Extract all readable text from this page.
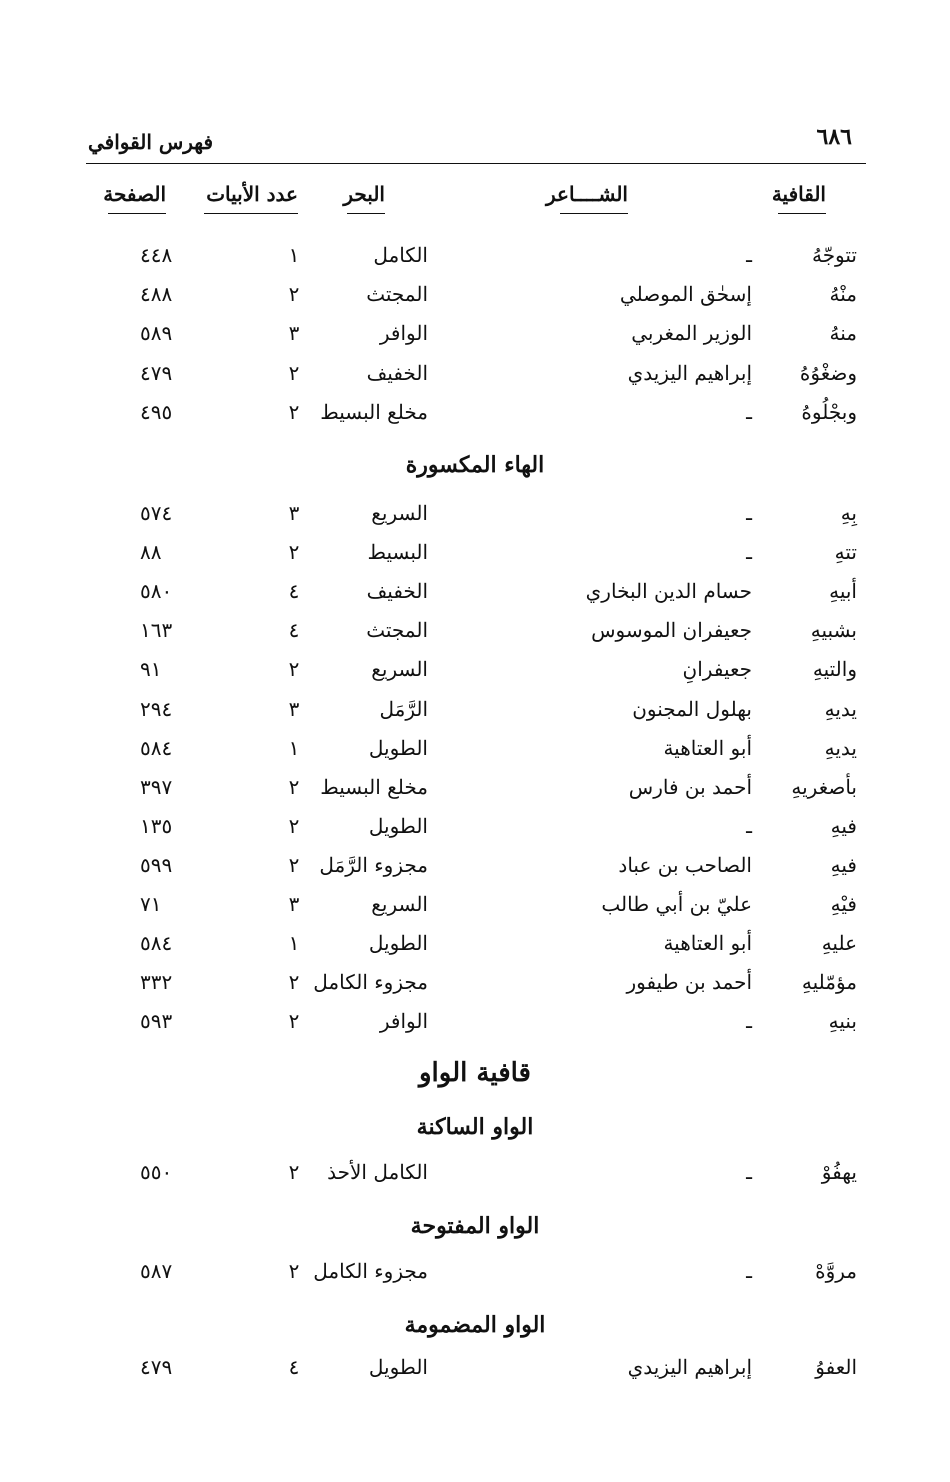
٦٨٦
فهرس القوافي
القافية
الشــــاعر
البحر
عدد الأبيات
الصفحة
تتوجّهُ
ـ
الكامل
١
٤٤٨
منْهُ
إسحٰق الموصلي
المجتث
٢
٤٨٨
منهُ
الوزير المغربي
الوافر
٣
٥٨٩
وضغْوُهُ
إبراهيم اليزيدي
الخفيف
٢
٤٧٩
وبجْلُوهُ
ـ
مخلع البسيط
٢
٤٩٥
الهاء المكسورة
بِهِ
ـ
السريع
٣
٥٧٤
تتهِ
ـ
البسيط
٢
٨٨
أبيهِ
حسام الدين البخاري
الخفيف
٤
٥٨٠
بشبيهِ
جعيفران الموسوس
المجتث
٤
١٦٣
والتيهِ
جعيفرانِ
السريع
٢
٩١
يديهِ
بهلول المجنون
الرَّمَل
٣
٢٩٤
يديهِ
أبو العتاهية
الطويل
١
٥٨٤
بأصغريهِ
أحمد بن فارس
مخلع البسيط
٢
٣٩٧
فيهِ
ـ
الطويل
٢
١٣٥
فيهِ
الصاحب بن عباد
مجزوء الرَّمَل
٢
٥٩٩
فيْهِ
عليّ بن أبي طالب
السريع
٣
٧١
عليهِ
أبو العتاهية
الطويل
١
٥٨٤
مؤمّليهِ
أحمد بن طيفور
مجزوء الكامل
٢
٣٣٢
بنيهِ
ـ
الوافر
٢
٥٩٣
قافية الواو
الواو الساكنة
يهفُوْ
ـ
الكامل الأحذ
٢
٥٥٠
الواو المفتوحة
مروَّهْ
ـ
مجزوء الكامل
٢
٥٨٧
الواو المضمومة
العفوُ
إبراهيم اليزيدي
الطويل
٤
٤٧٩
